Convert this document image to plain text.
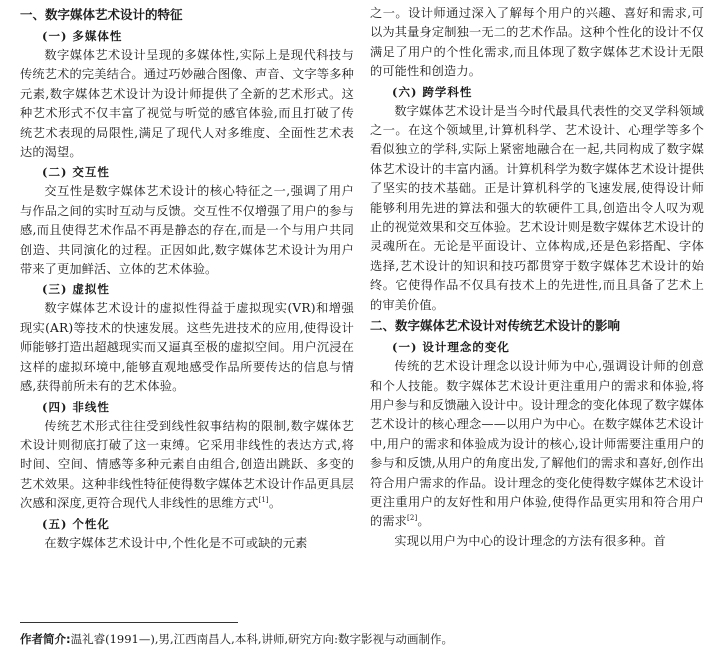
一、数字媒体艺术设计的特征
(一) 多媒体性

数字媒体艺术设计呈现的多媒体性,实际上是现代科技与传统艺术的完美结合。通过巧妙融合图像、声音、文字等多种元素,数字媒体艺术设计为设计师提供了全新的艺术形式。这种艺术形式不仅丰富了视觉与听觉的感官体验,而且打破了传统艺术表现的局限性,满足了现代人对多维度、全面性艺术表达的渴望。

(二) 交互性

交互性是数字媒体艺术设计的核心特征之一,强调了用户与作品之间的实时互动与反馈。交互性不仅增强了用户的参与感,而且使得艺术作品不再是静态的存在,而是一个与用户共同创造、共同演化的过程。正因如此,数字媒体艺术设计为用户带来了更加鲜活、立体的艺术体验。

(三) 虚拟性

数字媒体艺术设计的虚拟性得益于虚拟现实(VR)和增强现实(AR)等技术的快速发展。这些先进技术的应用,使得设计师能够打造出超越现实而又逼真至极的虚拟空间。用户沉浸在这样的虚拟环境中,能够直观地感受作品所要传达的信息与情感,获得前所未有的艺术体验。

(四) 非线性

传统艺术形式往往受到线性叙事结构的限制,数字媒体艺术设计则彻底打破了这一束缚。它采用非线性的表达方式,将时间、空间、情感等多种元素自由组合,创造出跳跃、多变的艺术效果。这种非线性特征使得数字媒体艺术设计作品更具层次感和深度,更符合现代人非线性的思维方式[1]。

(五) 个性化

在数字媒体艺术设计中,个性化是不可或缺的元素

之一。设计师通过深入了解每个用户的兴趣、喜好和需求,可以为其量身定制独一无二的艺术作品。这种个性化的设计不仅满足了用户的个性化需求,而且体现了数字媒体艺术设计无限的可能性和创造力。

(六) 跨学科性

数字媒体艺术设计是当今时代最具代表性的交叉学科领域之一。在这个领域里,计算机科学、艺术设计、心理学等多个看似独立的学科,实际上紧密地融合在一起,共同构成了数字媒体艺术设计的丰富内涵。计算机科学为数字媒体艺术设计提供了坚实的技术基础。正是计算机科学的飞速发展,使得设计师能够利用先进的算法和强大的软硬件工具,创造出令人叹为观止的视觉效果和交互体验。艺术设计则是数字媒体艺术设计的灵魂所在。无论是平面设计、立体构成,还是色彩搭配、字体选择,艺术设计的知识和技巧都贯穿于数字媒体艺术设计的始终。它使得作品不仅具有技术上的先进性,而且具备了艺术上的审美价值。

二、数字媒体艺术设计对传统艺术设计的影响
(一) 设计理念的变化

传统的艺术设计理念以设计师为中心,强调设计师的创意和个人技能。数字媒体艺术设计更注重用户的需求和体验,将用户参与和反馈融入设计中。设计理念的变化体现了数字媒体艺术设计的核心理念——以用户为中心。在数字媒体艺术设计中,用户的需求和体验成为设计的核心,设计师需要注重用户的参与和反馈,从用户的角度出发,了解他们的需求和喜好,创作出符合用户需求的作品。设计理念的变化使得数字媒体艺术设计更注重用户的友好性和用户体验,使得作品更实用和符合用户的需求[2]。

实现以用户为中心的设计理念的方法有很多种。首

作者简介:温礼睿(1991—),男,江西南昌人,本科,讲师,研究方向:数字影视与动画制作。
